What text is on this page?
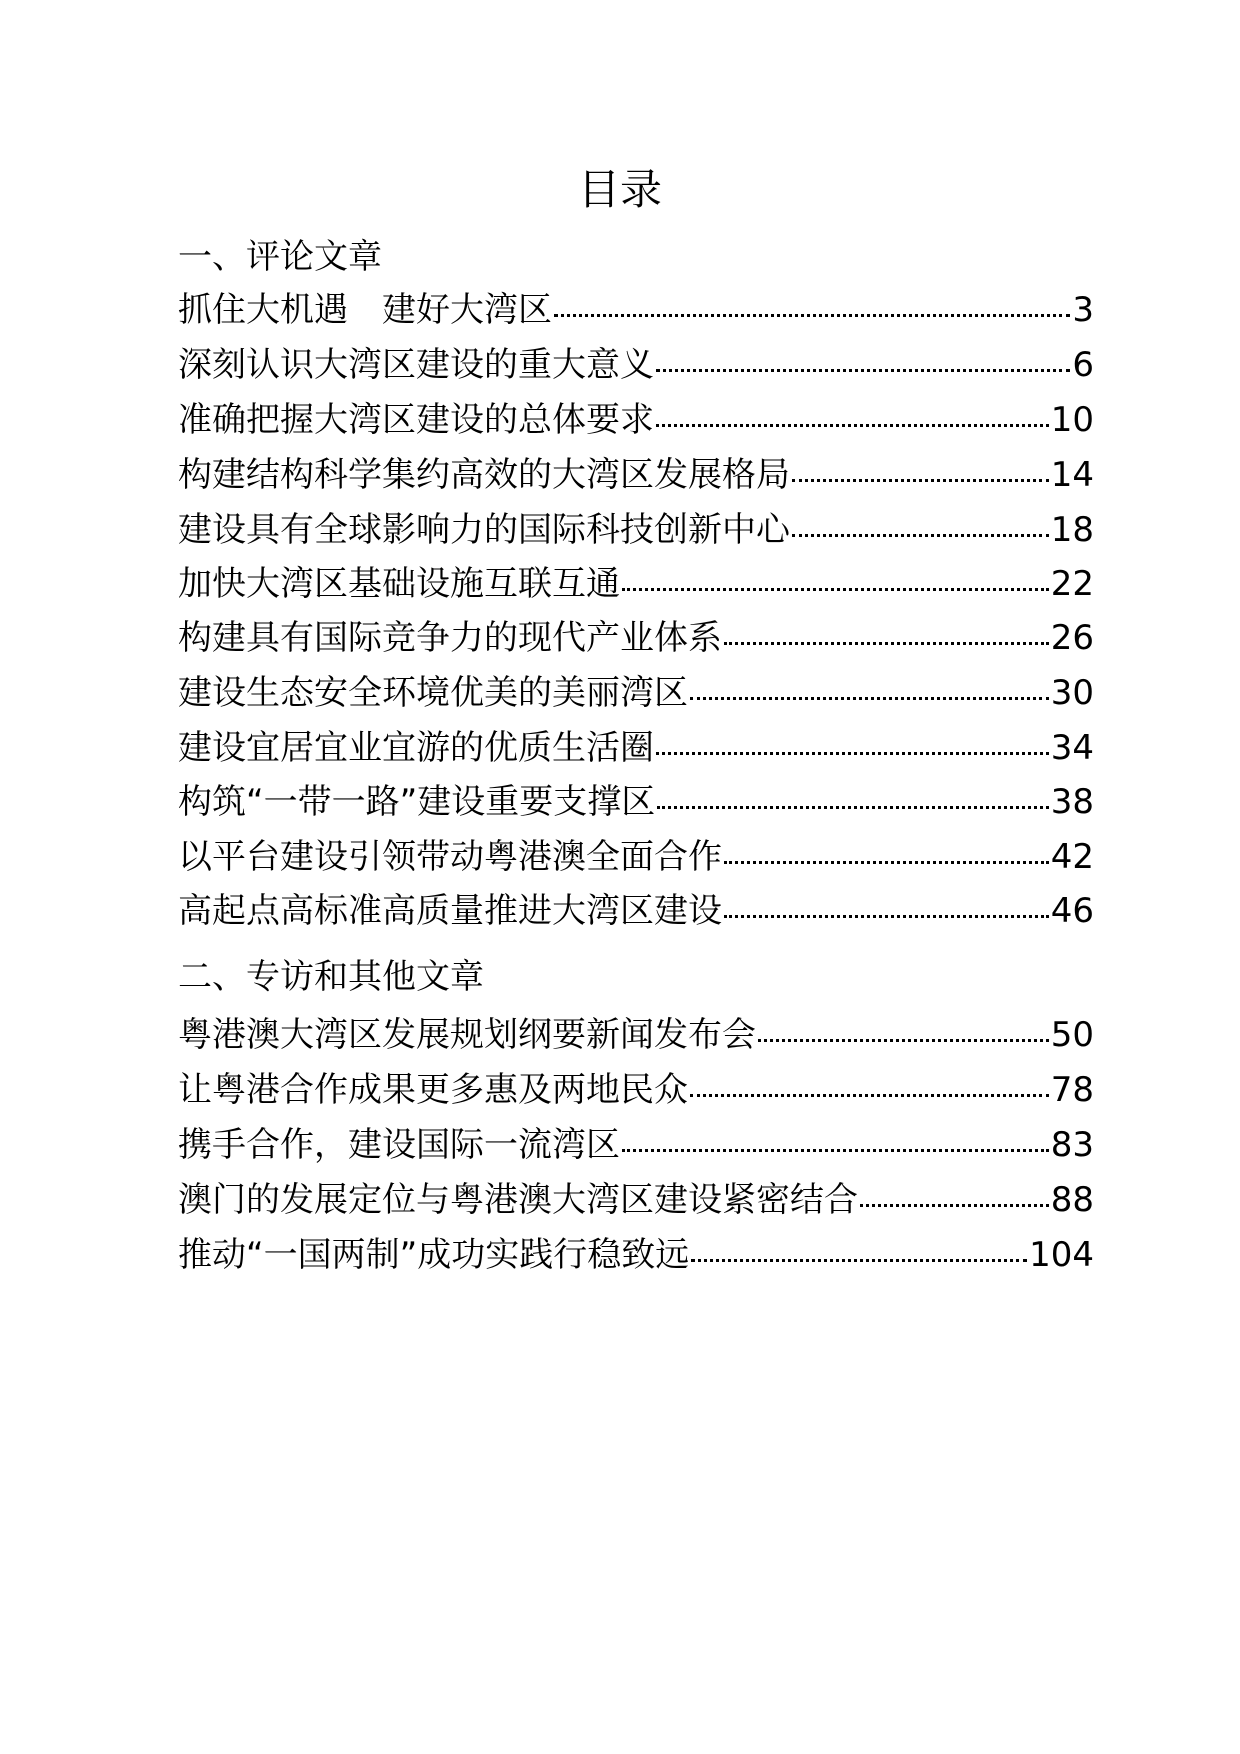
目录
一、评论文章
抓住大机遇　建好大湾区	3
深刻认识大湾区建设的重大意义	6
准确把握大湾区建设的总体要求	10
构建结构科学集约高效的大湾区发展格局	14
建设具有全球影响力的国际科技创新中心	18
加快大湾区基础设施互联互通	22
构建具有国际竞争力的现代产业体系	26
建设生态安全环境优美的美丽湾区	30
建设宜居宜业宜游的优质生活圈	34
构筑“一带一路”建设重要支撑区	38
以平台建设引领带动粤港澳全面合作	42
高起点高标准高质量推进大湾区建设	46
二、专访和其他文章
粤港澳大湾区发展规划纲要新闻发布会	50
让粤港合作成果更多惠及两地民众	78
携手合作，建设国际一流湾区	83
澳门的发展定位与粤港澳大湾区建设紧密结合	88
推动“一国两制”成功实践行稳致远	104
